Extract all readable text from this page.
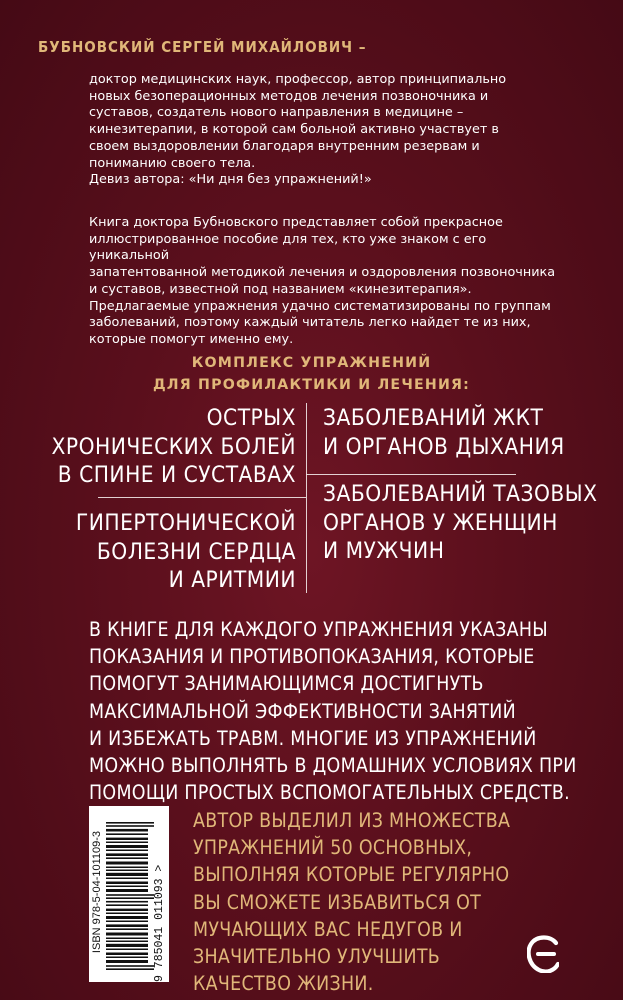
БУБНОВСКИЙ СЕРГЕЙ МИХАЙЛОВИЧ –

доктор медицинских наук, профессор, автор принципиально

новых безоперационных методов лечения позвоночника и

суставов, создатель нового направления в медицине –

кинезитерапии, в которой сам больной активно участвует в

своем выздоровлении благодаря внутренним резервам и

пониманию своего тела.

Девиз автора: «Ни дня без упражнений!»

Книга доктора Бубновского представляет собой прекрасное

иллюстрированное пособие для тех, кто уже знаком с его уникальной

запатентованной методикой лечения и оздоровления позвоночника

и суставов, известной под названием «кинезитерапия».

Предлагаемые упражнения удачно систематизированы по группам

заболеваний, поэтому каждый читатель легко найдет те из них,

которые помогут именно ему.

КОМПЛЕКС УПРАЖНЕНИЙ
ДЛЯ ПРОФИЛАКТИКИ И ЛЕЧЕНИЯ:
ОСТРЫХ
ХРОНИЧЕСКИХ БОЛЕЙ
В СПИНЕ И СУСТАВАХ
ЗАБОЛЕВАНИЙ ЖКТ
И ОРГАНОВ ДЫХАНИЯ
ГИПЕРТОНИЧЕСКОЙ
БОЛЕЗНИ СЕРДЦА
И АРИТМИИ
ЗАБОЛЕВАНИЙ ТАЗОВЫХ
ОРГАНОВ У ЖЕНЩИН
И МУЖЧИН
В КНИГЕ ДЛЯ КАЖДОГО УПРАЖНЕНИЯ УКАЗАНЫ
ПОКАЗАНИЯ И ПРОТИВОПОКАЗАНИЯ, КОТОРЫЕ
ПОМОГУТ ЗАНИМАЮЩИМСЯ ДОСТИГНУТЬ
МАКСИМАЛЬНОЙ ЭФФЕКТИВНОСТИ ЗАНЯТИЙ
И ИЗБЕЖАТЬ ТРАВМ. МНОГИЕ ИЗ УПРАЖНЕНИЙ
МОЖНО ВЫПОЛНЯТЬ В ДОМАШНИХ УСЛОВИЯХ ПРИ
ПОМОЩИ ПРОСТЫХ ВСПОМОГАТЕЛЬНЫХ СРЕДСТВ.
ISBN 978-5-04-101109-3	9 785041 011093 >
АВТОР ВЫДЕЛИЛ ИЗ МНОЖЕСТВА
УПРАЖНЕНИЙ 50 ОСНОВНЫХ,
ВЫПОЛНЯЯ КОТОРЫЕ РЕГУЛЯРНО
ВЫ СМОЖЕТЕ ИЗБАВИТЬСЯ ОТ
МУЧАЮЩИХ ВАС НЕДУГОВ И
ЗНАЧИТЕЛЬНО УЛУЧШИТЬ
КАЧЕСТВО ЖИЗНИ.
